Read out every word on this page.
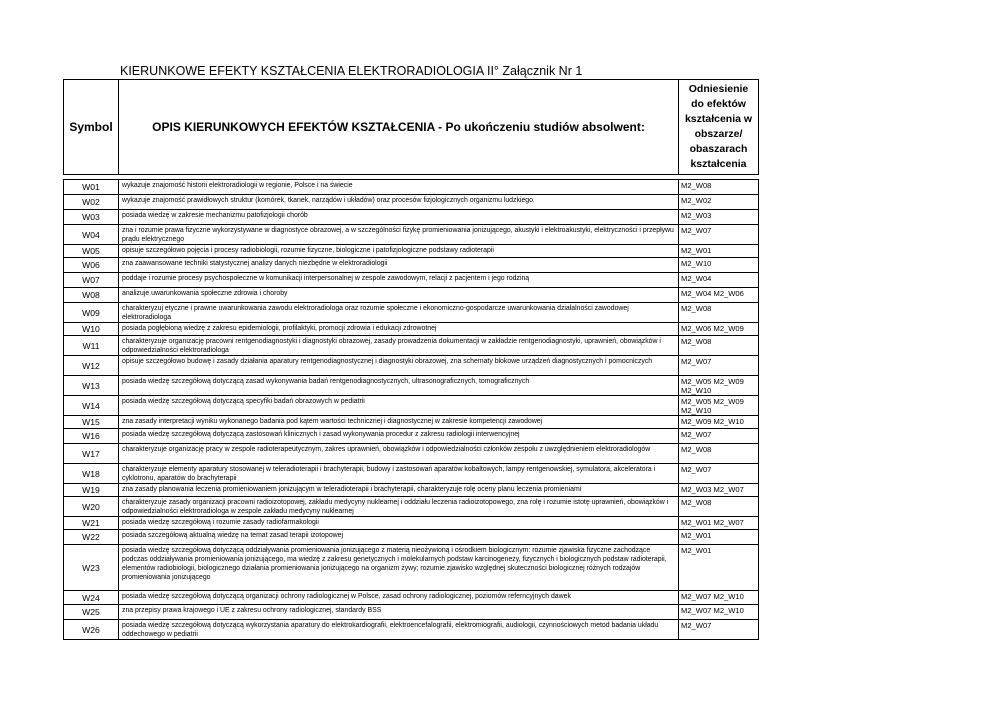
KIERUNKOWE EFEKTY KSZTAŁCENIA ELEKTRORADIOLOGIA II° Załącznik Nr 1
Symbol	OPIS KIERUNKOWYCH EFEKTÓW KSZTAŁCENIA - Po ukończeniu studiów absolwent:	Odniesienie do efektów kształcenia w obszarze/ obaszarach kształcenia

W01	wykazuje znajomość historii elektroradiologii w regionie, Polsce i na świecie	M2_W08

W02	wykazuje znajomość prawidłowych struktur (komórek, tkanek, narządów i układów) oraz procesów fizjologicznych organizmu ludzkiego.	M2_W02

W03	posiada wiedzę w zakresie mechanizmu patofizjologii chorób	M2_W03

W04	zna i rozumie prawa fizyczne wykorzystywane w diagnostyce obrazowej, a w szczególności fizykę promieniowania jonizującego, akustyki i elektroakustyki, elektryczności i przepływu prądu elektrycznego	M2_W07

W05	opisuje szczegółowo pojęcia i procesy radiobiologii, rozumie fizyczne, biologiczne i patofizjologiczne podstawy radioterapii	M2_W01

W06	zna zaawansowane techniki statystycznej analizy danych niezbędne w elektroradiologii	M2_W10

W07	poddaje i rozumie procesy psychospołeczne w komunikacji interpersonalnej w zespole zawodowym, relacji z pacjentem i jego rodziną	M2_W04

W08	analizuje uwarunkowania społeczne zdrowia i choroby	M2_W04 M2_W06

W09	charakteryzuj etyczne i prawne uwarunkowania zawodu elektroradiologa oraz rozumie społeczne i ekonomiczno-gospodarcze uwarunkowania działalności zawodowej elektroradiologa	M2_W08

W10	posiada pogłębioną wiedzę z zakresu epidemiologii, profilaktyki, promocji zdrowia i edukacji zdrowotnej	M2_W06 M2_W09

W11	charakteryzuje organizację pracowni rentgenodiagnostyki i diagnostyki obrazowej, zasady prowadzenia dokumentacji w zakładzie rentgenodiagnostyki, uprawnień, obowiązków i odpowiedzialności elektroradiologa	M2_W08

W12	opisuje szczegółowo budowę i zasady działania aparatury rentgenodiagnostycznej i diagnostyki obrazowej, zna schematy blokowe urządzeń diagnostycznych i pomocniczych	M2_W07

W13	posiada wiedzę szczegółową dotyczącą zasad wykonywania badań rentgenodiagnostycznych, ultrasonograficznych, tomograficznych	M2_W05 M2_W09 M2_W10

W14	posiada wiedzę szczegółową dotyczącą specyfiki badań obrazowych w pediatrii	M2_W05 M2_W09 M2_W10

W15	zna zasady interpretacji wyniku wykonanego badania pod kątem wartości technicznej i diagnostycznej w zakresie kompetencji zawodowej	M2_W09 M2_W10

W16	posiada wiedzę szczegółową dotyczącą zastosowań klinicznych i zasad wykonywania procedur z zakresu radiologii interwencyjnej	M2_W07

W17	charakteryzuje organizację pracy w zespole radioterapeutycznym, zakres uprawnień, obowiązków i odpowiedzialności członków zespołu z uwzględnieniem elektroradiologów	M2_W08

W18	charakteryzuje elementy aparatury stosowanej w teleradioterapii i brachyterapii, budowy i zastosowań aparatów kobaltowych, lampy rentgenowskiej, symulatora, akceleratora i cyklotronu, aparatów do brachyterapii	M2_W07

W19	zna zasady planowania leczenia promieniowaniem jonizującym w teleradioterapii i brachyterapii, charakteryzuje rolę oceny planu leczenia promieniami	M2_W03 M2_W07

W20	charakteryzuje zasady organizacji pracowni radioizotopowej, zakładu medycyny nuklearnej i oddziału leczenia radioizotopowego, zna rolę i rozumie istotę uprawnień, obowiązków i odpowiedzialności elektroradiologa w zespole zakładu medycyny nuklearnej	M2_W08

W21	posiada wiedzę szczegółową i rozumie zasady radiofarmakologii	M2_W01 M2_W07

W22	posiada szczegółową aktualną wiedzę na temat zasad terapii izotopowej	M2_W01

W23	posiada wiedzę szczegółową dotyczącą oddziaływania promieniowania jonizującego z materią nieożywioną i ośrodkiem biologicznym: rozumie zjawiska fizyczne zachodzące podczas oddziaływania promieniowania jonizującego, ma wiedzę z zakresu genetycznych i molekularnych podstaw karcinogenezy, fizycznych i biologicznych podstaw radioterapii, elementów radiobiologii, biologicznego działania promieniowania jonizującego na organizm żywy; rozumie zjawisko względnej skuteczności biologicznej różnych rodzajów promieniowania jonizującego	M2_W01

W24	posiada wiedzę szczegółową dotyczącą organizacji ochrony radiologicznej w Polsce, zasad ochrony radiologicznej, poziomów referncyjnych dawek	M2_W07 M2_W10

W25	zna przepisy prawa krajowego i UE z zakresu ochrony radiologicznej, standardy BSS	M2_W07 M2_W10

W26	posiada wiedzę szczegółową dotyczącą wykorzystania aparatury do elektrokardiografii, elektroencefalografii, elektromiografii, audiologii, czynnościowych metod badania układu oddechowego w pediatrii	M2_W07
